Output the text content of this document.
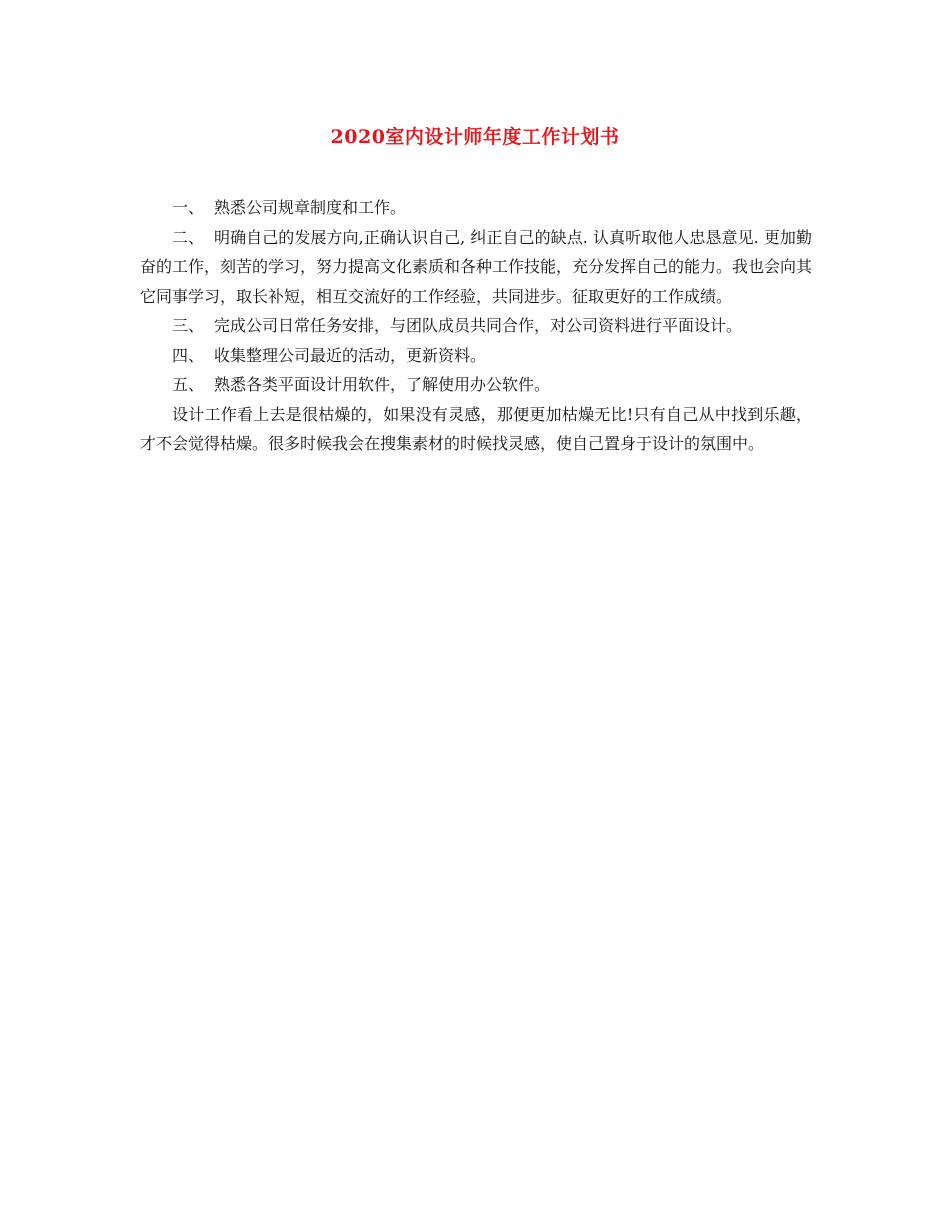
2020室内设计师年度工作计划书

一、 熟悉公司规章制度和工作。

二、 明确自己的发展方向,正确认识自己, 纠正自己的缺点. 认真听取他人忠恳意见. 更加勤奋的工作，刻苦的学习，努力提高文化素质和各种工作技能，充分发挥自己的能力。我也会向其它同事学习，取长补短，相互交流好的工作经验，共同进步。征取更好的工作成绩。

三、 完成公司日常任务安排，与团队成员共同合作，对公司资料进行平面设计。

四、 收集整理公司最近的活动，更新资料。

五、 熟悉各类平面设计用软件，了解使用办公软件。

设计工作看上去是很枯燥的，如果没有灵感，那便更加枯燥无比!只有自己从中找到乐趣，才不会觉得枯燥。很多时候我会在搜集素材的时候找灵感，使自己置身于设计的氛围中。
